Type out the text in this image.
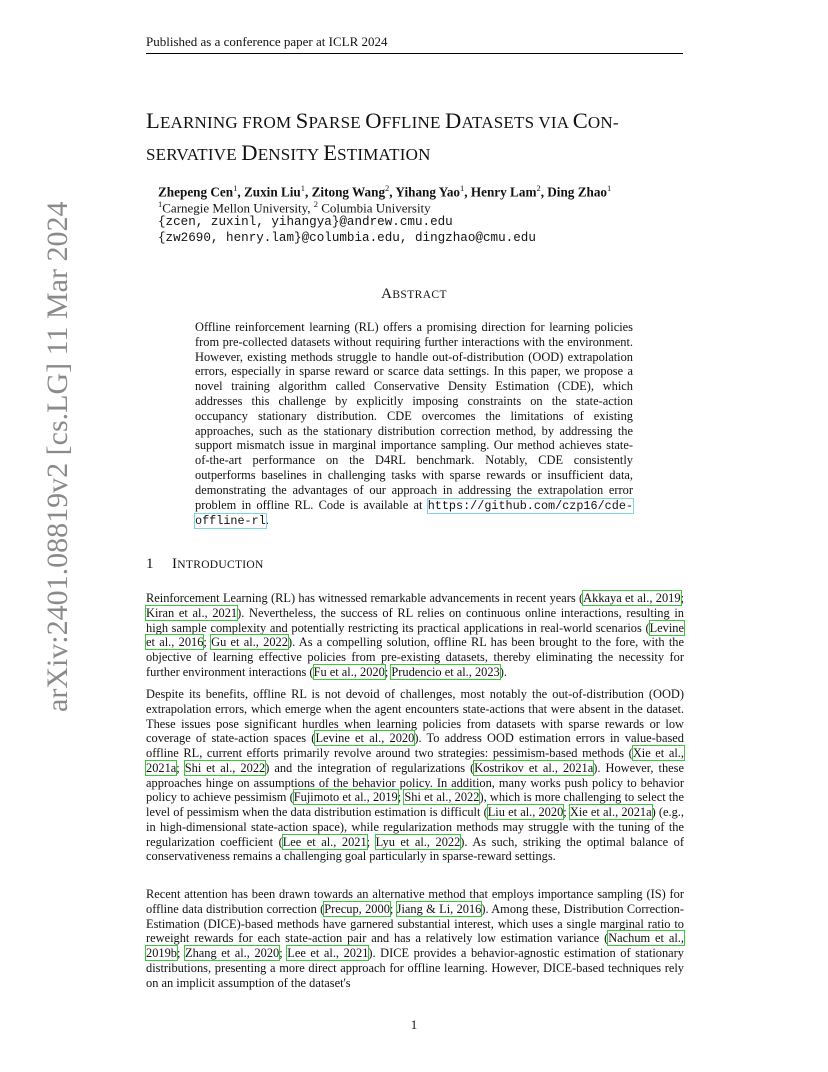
Published as a conference paper at ICLR 2024
arXiv:2401.08819v2 [cs.LG] 11 Mar 2024
LEARNING FROM SPARSE OFFLINE DATASETS VIA CON-
SERVATIVE DENSITY ESTIMATION
Zhepeng Cen$^1$, Zuxin Liu$^1$, Zitong Wang$^2$, Yihang Yao$^1$, Henry Lam$^2$, Ding Zhao$^1$
$^1$Carnegie Mellon University, $^2$ Columbia University
{zcen, zuxinl, yihangya}@andrew.cmu.edu
{zw2690, henry.lam}@columbia.edu, dingzhao@cmu.edu
ABSTRACT
Offline reinforcement learning (RL) offers a promising direction for learning policies from pre-collected datasets without requiring further interactions with the environment. However, existing methods struggle to handle out-of-distribution (OOD) extrapolation errors, especially in sparse reward or scarce data settings. In this paper, we propose a novel training algorithm called Conservative Density Estimation (CDE), which addresses this challenge by explicitly imposing constraints on the state-action occupancy stationary distribution. CDE overcomes the limitations of existing approaches, such as the stationary distribution correction method, by addressing the support mismatch issue in marginal importance sampling. Our method achieves state-of-the-art performance on the D4RL benchmark. Notably, CDE consistently outperforms baselines in challenging tasks with sparse rewards or insufficient data, demonstrating the advantages of our approach in addressing the extrapolation error problem in offline RL. Code is available at https://github.com/czp16/cde-offline-rl.
1 INTRODUCTION
Reinforcement Learning (RL) has witnessed remarkable advancements in recent years (Akkaya et al., 2019; Kiran et al., 2021). Nevertheless, the success of RL relies on continuous online interactions, resulting in high sample complexity and potentially restricting its practical applications in real-world scenarios (Levine et al., 2016; Gu et al., 2022). As a compelling solution, offline RL has been brought to the fore, with the objective of learning effective policies from pre-existing datasets, thereby eliminating the necessity for further environment interactions (Fu et al., 2020; Prudencio et al., 2023).
Despite its benefits, offline RL is not devoid of challenges, most notably the out-of-distribution (OOD) extrapolation errors, which emerge when the agent encounters state-actions that were absent in the dataset. These issues pose significant hurdles when learning policies from datasets with sparse rewards or low coverage of state-action spaces (Levine et al., 2020). To address OOD estimation errors in value-based offline RL, current efforts primarily revolve around two strategies: pessimism-based methods (Xie et al., 2021a; Shi et al., 2022) and the integration of regularizations (Kostrikov et al., 2021a). However, these approaches hinge on assumptions of the behavior policy. In addition, many works push policy to behavior policy to achieve pessimism (Fujimoto et al., 2019; Shi et al., 2022), which is more challenging to select the level of pessimism when the data distribution estimation is difficult (Liu et al., 2020; Xie et al., 2021a) (e.g., in high-dimensional state-action space), while regularization methods may struggle with the tuning of the regularization coefficient (Lee et al., 2021; Lyu et al., 2022). As such, striking the optimal balance of conservativeness remains a challenging goal particularly in sparse-reward settings.
Recent attention has been drawn towards an alternative method that employs importance sampling (IS) for offline data distribution correction (Precup, 2000; Jiang & Li, 2016). Among these, Distribution Correction-Estimation (DICE)-based methods have garnered substantial interest, which uses a single marginal ratio to reweight rewards for each state-action pair and has a relatively low estimation variance (Nachum et al., 2019b; Zhang et al., 2020; Lee et al., 2021). DICE provides a behavior-agnostic estimation of stationary distributions, presenting a more direct approach for offline learning. However, DICE-based techniques rely on an implicit assumption of the dataset's
1
